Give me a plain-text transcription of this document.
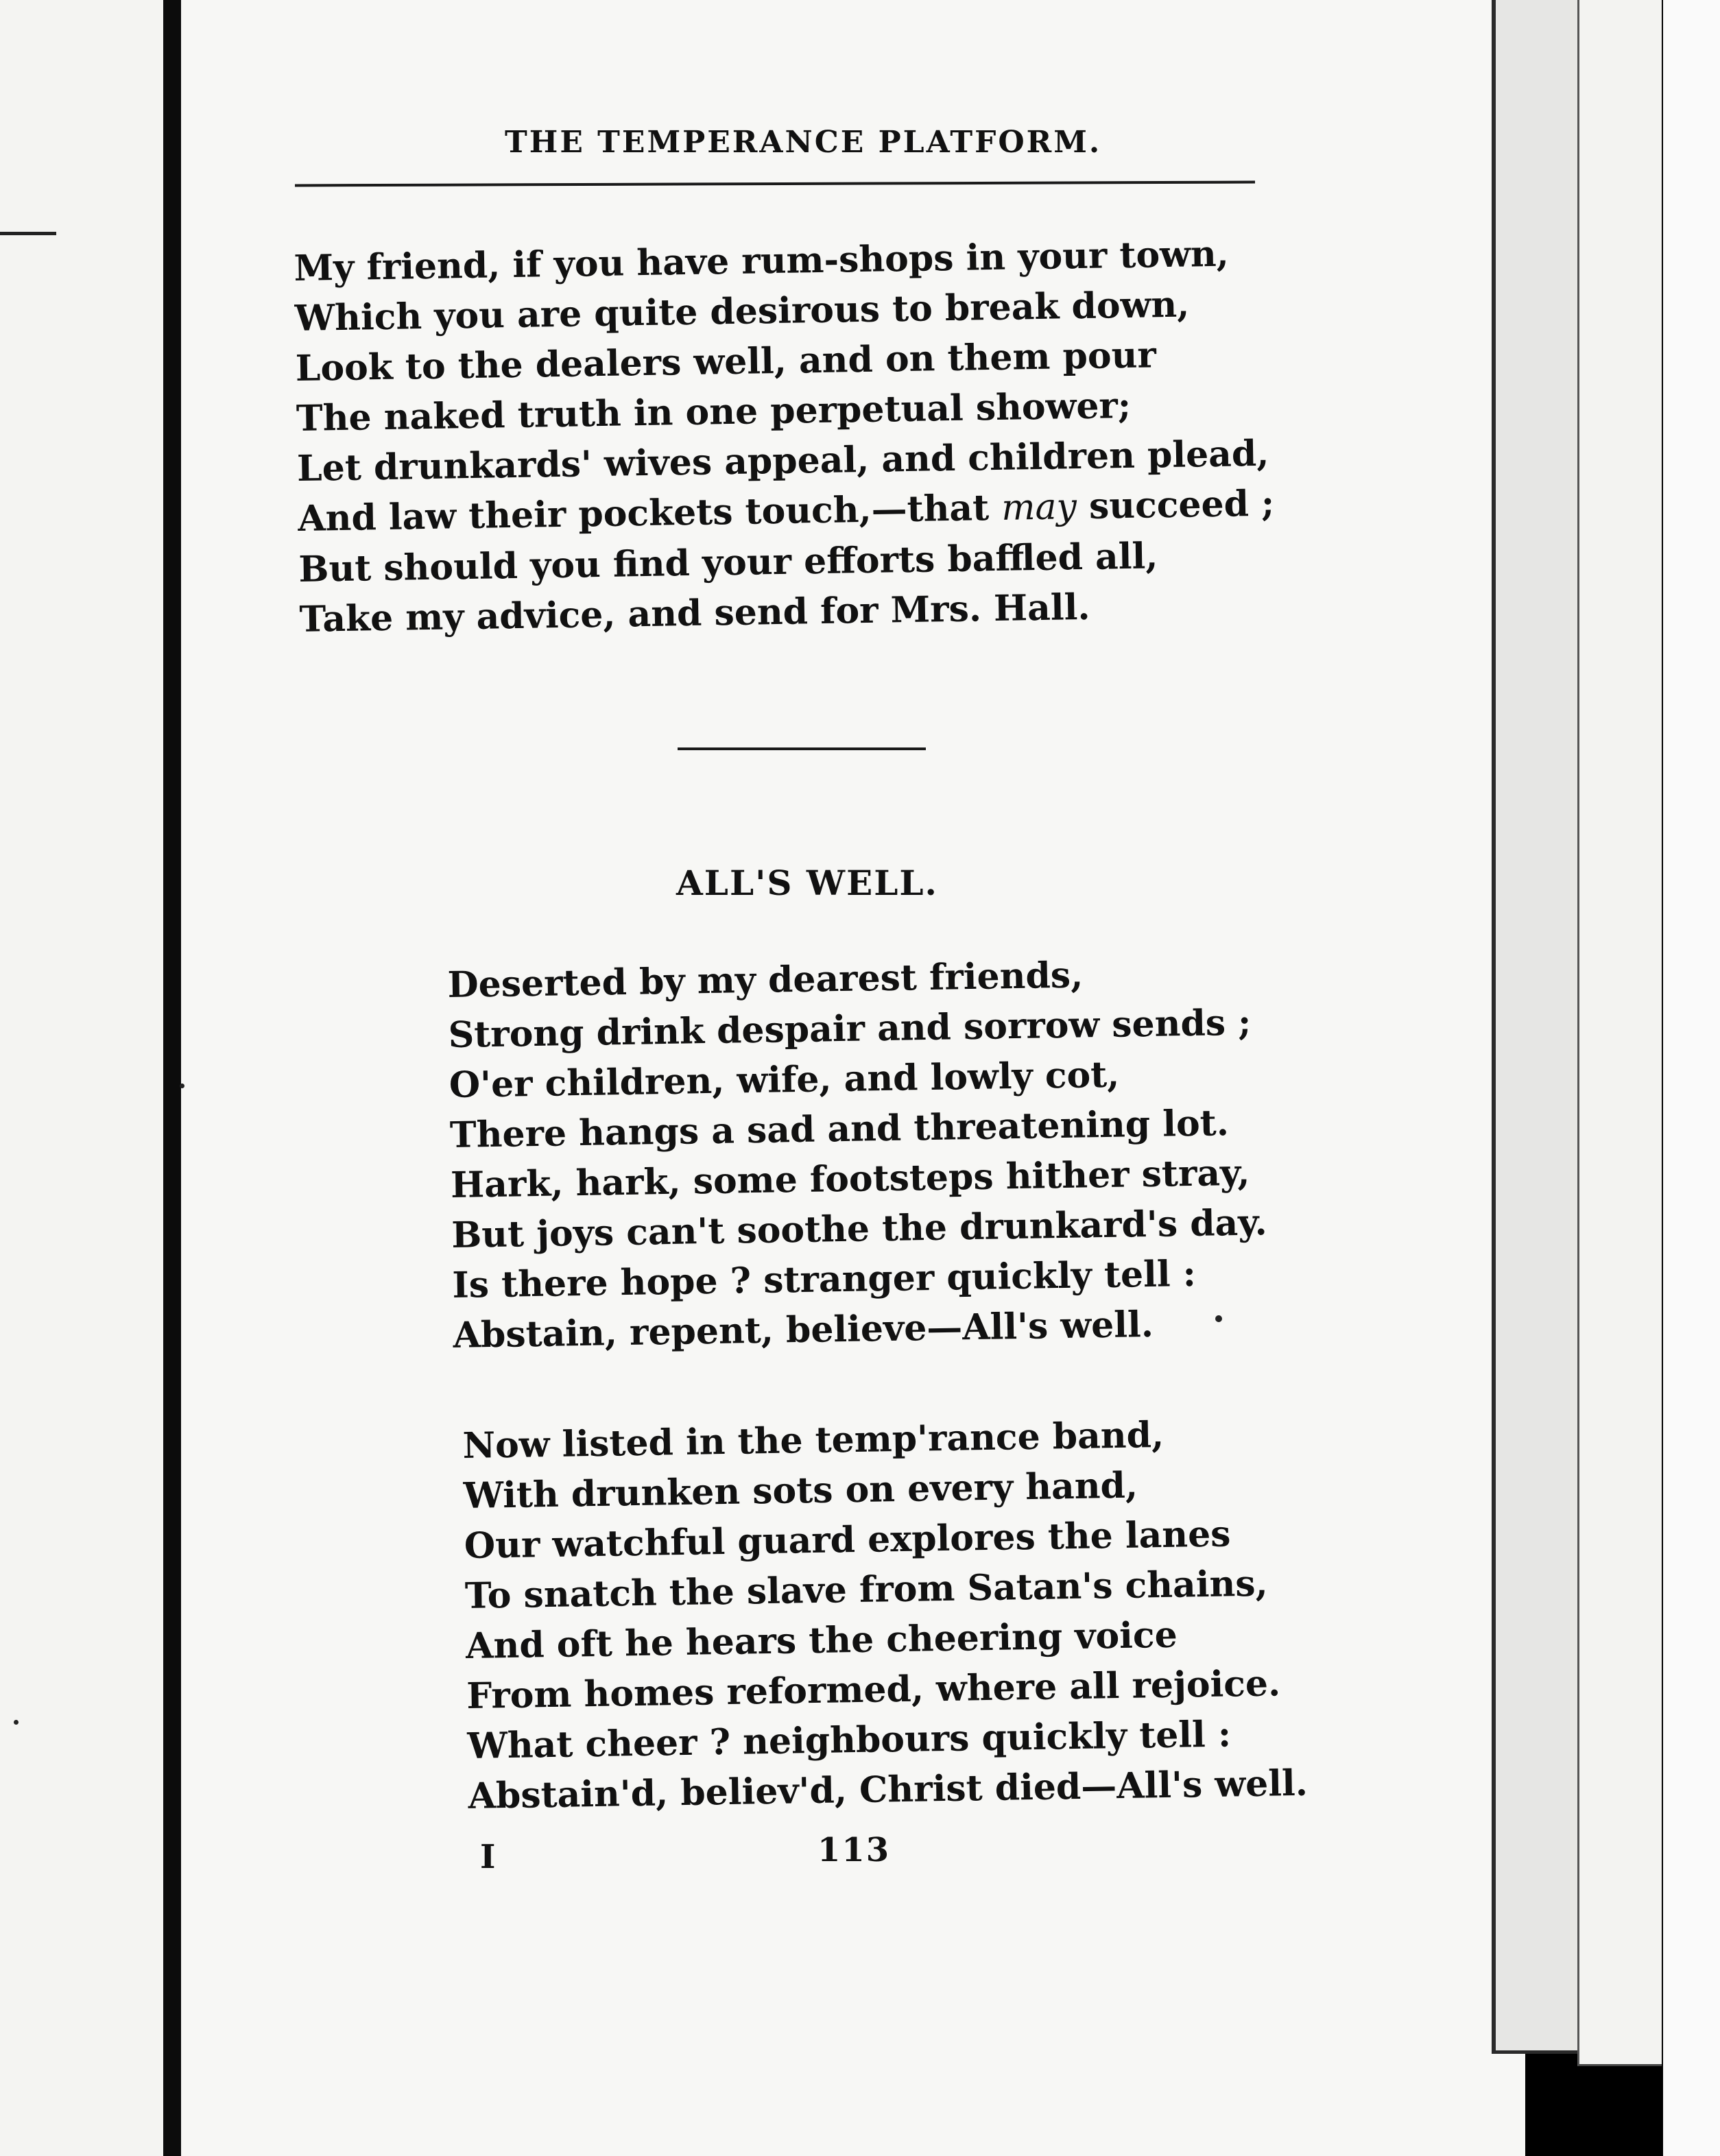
THE TEMPERANCE PLATFORM.
My friend, if you have rum-shops in your town,
Which you are quite desirous to break down,
Look to the dealers well, and on them pour
The naked truth in one perpetual shower;
Let drunkards' wives appeal, and children plead,
And law their pockets touch,—that may succeed ;
But should you find your efforts baffled all,
Take my advice, and send for Mrs. Hall.
ALL'S WELL.
Deserted by my dearest friends,
Strong drink despair and sorrow sends ;
O'er children, wife, and lowly cot,
There hangs a sad and threatening lot.
Hark, hark, some footsteps hither stray,
But joys can't soothe the drunkard's day.
Is there hope ? stranger quickly tell :
Abstain, repent, believe—All's well.
Now listed in the temp'rance band,
With drunken sots on every hand,
Our watchful guard explores the lanes
To snatch the slave from Satan's chains,
And oft he hears the cheering voice
From homes reformed, where all rejoice.
What cheer ? neighbours quickly tell :
Abstain'd, believ'd, Christ died—All's well.
I	113
